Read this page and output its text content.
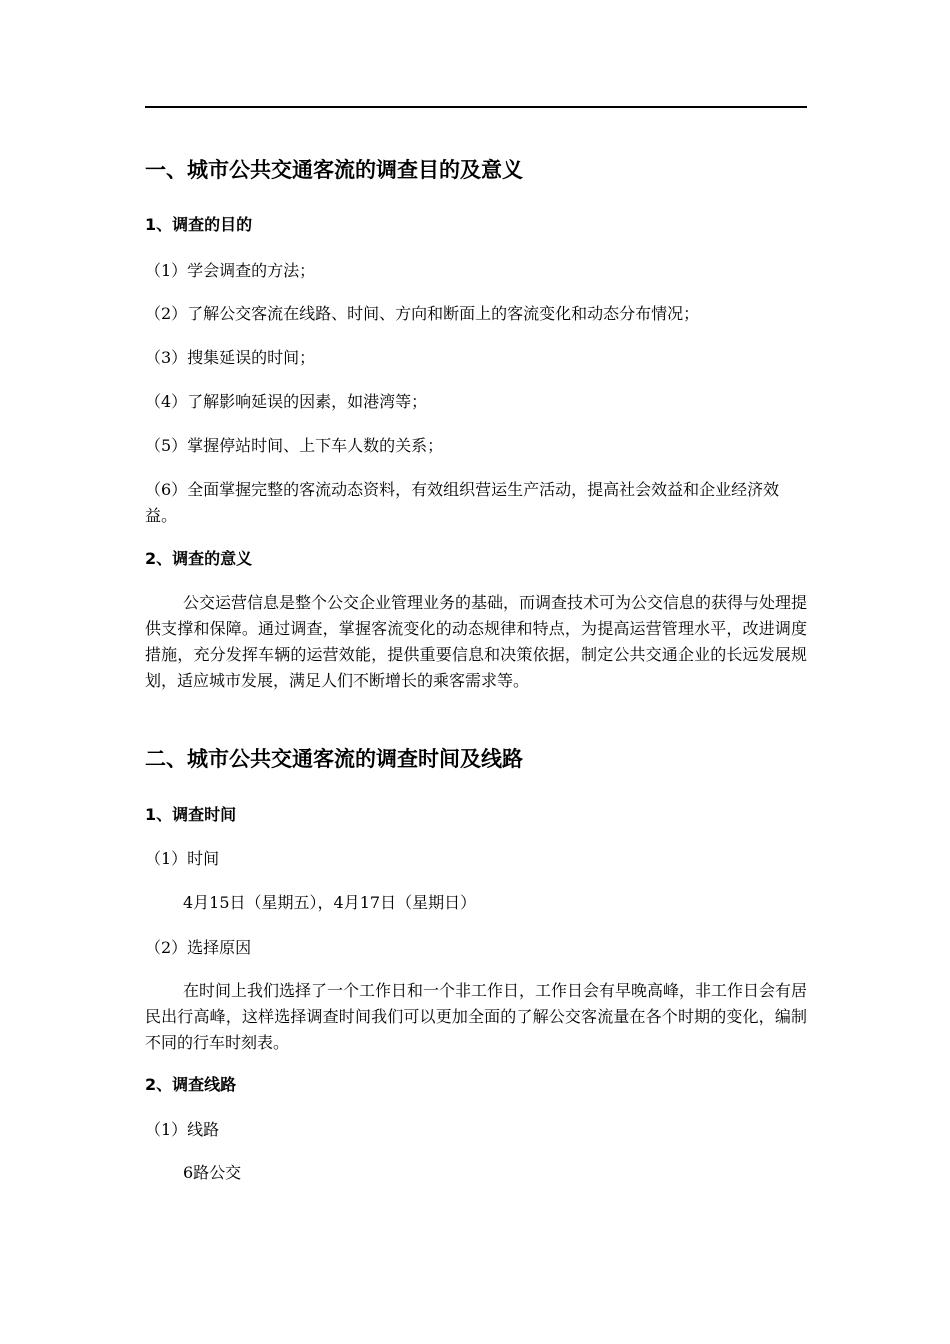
一、城市公共交通客流的调查目的及意义
1、调查的目的
（1）学会调查的方法；
（2）了解公交客流在线路、时间、方向和断面上的客流变化和动态分布情况；
（3）搜集延误的时间；
（4）了解影响延误的因素，如港湾等；
（5）掌握停站时间、上下车人数的关系；
（6）全面掌握完整的客流动态资料，有效组织营运生产活动，提高社会效益和企业经济效益。
2、调查的意义
公交运营信息是整个公交企业管理业务的基础，而调查技术可为公交信息的获得与处理提供支撑和保障。通过调查，掌握客流变化的动态规律和特点，为提高运营管理水平，改进调度措施，充分发挥车辆的运营效能，提供重要信息和决策依据，制定公共交通企业的长远发展规划，适应城市发展，满足人们不断增长的乘客需求等。
二、城市公共交通客流的调查时间及线路
1、调查时间
（1）时间
4月15日（星期五），4月17日（星期日）
（2）选择原因
在时间上我们选择了一个工作日和一个非工作日，工作日会有早晚高峰，非工作日会有居民出行高峰，这样选择调查时间我们可以更加全面的了解公交客流量在各个时期的变化，编制不同的行车时刻表。
2、调查线路
（1）线路
6路公交
